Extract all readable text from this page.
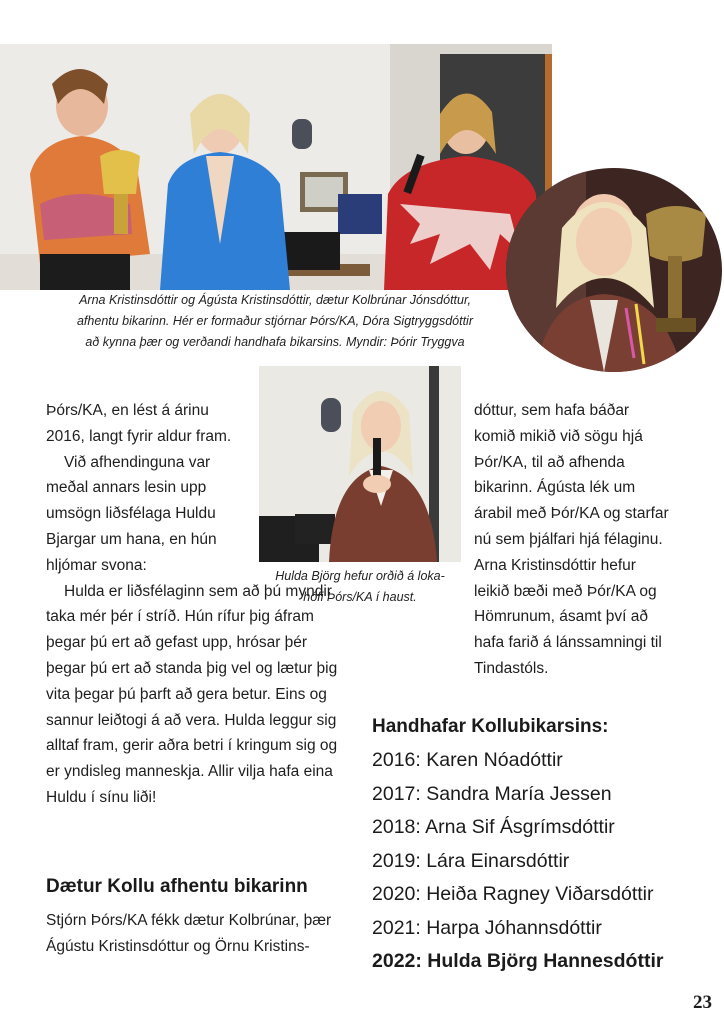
Arna Kristinsdóttir og Ágústa Kristinsdóttir, dætur Kolbrúnar Jónsdóttur,
afhentu bikarinn. Hér er formaður stjórnar Þórs/KA, Dóra Sigtryggsdóttir
að kynna þær og verðandi handhafa bikarsins. Myndir: Þórir Tryggva
Hulda Björg hefur orðið á loka-
hófi Þórs/KA í haust.

Þórs/KA, en lést á árinu 2016, langt fyrir aldur fram.

Við afhendinguna var meðal annars lesin upp umsögn liðsfélaga Huldu Bjargar um hana, en hún hljómar svona:

Hulda er liðsfélaginn sem að þú myndir taka mér þér í stríð. Hún rífur þig áfram þegar þú ert að gefast upp, hrósar þér þegar þú ert að standa þig vel og lætur þig vita þegar þú þarft að gera betur. Eins og sannur leiðtogi á að vera. Hulda leggur sig alltaf fram, gerir aðra betri í kringum sig og er yndisleg manneskja. Allir vilja hafa eina Huldu í sínu liði!

Dætur Kollu afhentu bikarinn

Stjórn Þórs/KA fékk dætur Kolbrúnar, þær Ágústu Kristinsdóttur og Örnu Kristins-

dóttur, sem hafa báðar komið mikið við sögu hjá Þór/KA, til að afhenda bikarinn. Ágústa lék um árabil með Þór/KA og starfar nú sem þjálfari hjá félaginu. Arna Kristinsdóttir hefur leikið bæði með Þór/KA og Hömrunum, ásamt því að hafa farið á lánssamningi til Tindastóls.

Handhafar Kollubikarsins:
2016: Karen Nóadóttir
2017: Sandra María Jessen
2018: Arna Sif Ásgrímsdóttir
2019: Lára Einarsdóttir
2020: Heiða Ragney Viðarsdóttir
2021: Harpa Jóhannsdóttir
2022: Hulda Björg Hannesdóttir
23
